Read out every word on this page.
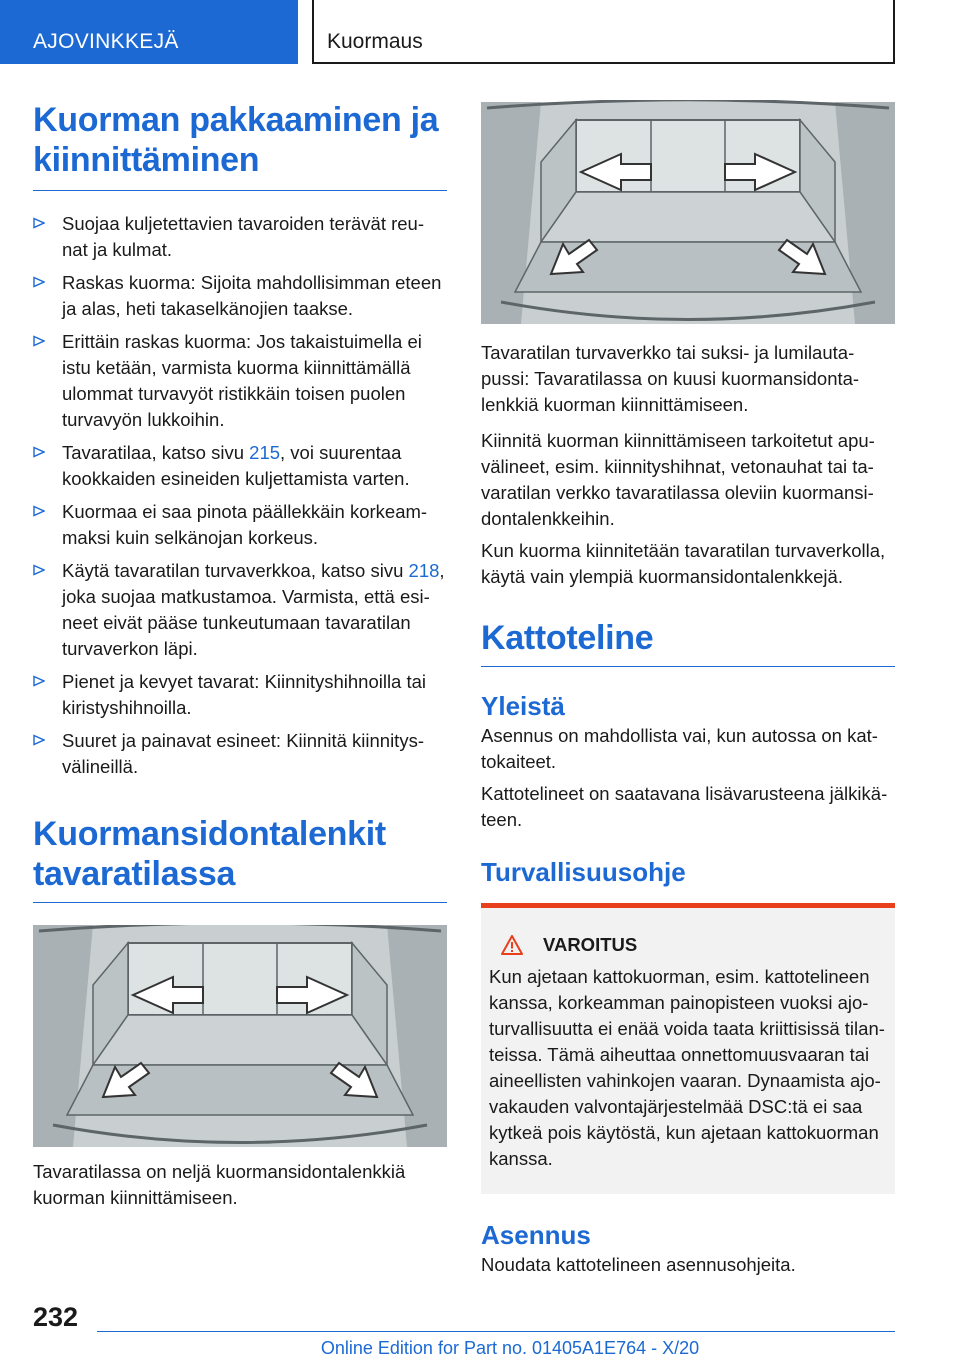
AJOVINKKEJÄ	Kuormaus
Kuorman pakkaaminen ja kiinnittäminen
Suojaa kuljetettavien tavaroiden terävät reu-nat ja kulmat.
Raskas kuorma: Sijoita mahdollisimman eteen ja alas, heti takaselkänojien taakse.
Erittäin raskas kuorma: Jos takaistuimella ei istu ketään, varmista kuorma kiinnittämällä ulommat turvavyöt ristikkäin toisen puolen turvavyön lukkoihin.
Tavaratilaa, katso sivu 215, voi suurentaa kookkaiden esineiden kuljettamista varten.
Kuormaa ei saa pinota päällekkäin korkeam-maksi kuin selkänojan korkeus.
Käytä tavaratilan turvaverkkoa, katso sivu 218, joka suojaa matkustamoa. Varmista, että esi-neet eivät pääse tunkeutumaan tavaratilan turvaverkon läpi.
Pienet ja kevyet tavarat: Kiinnityshihnoilla tai kiristyshihnoilla.
Suuret ja painavat esineet: Kiinnitä kiinnitys-välineillä.
Kuormansidontalenkit tavaratilassa

Tavaratilassa on neljä kuormansidontalenkkiä kuorman kiinnittämiseen.

Tavaratilan turvaverkko tai suksi- ja lumilauta-pussi: Tavaratilassa on kuusi kuormansidonta-lenkkiä kuorman kiinnittämiseen.

Kiinnitä kuorman kiinnittämiseen tarkoitetut apu-välineet, esim. kiinnityshihnat, vetonauhat tai ta-varatilan verkko tavaratilassa oleviin kuormansi-dontalenkkeihin.

Kun kuorma kiinnitetään tavaratilan turvaverkolla, käytä vain ylempiä kuormansidontalenkkejä.

Kattoteline
Yleistä

Asennus on mahdollista vai, kun autossa on kat-tokaiteet.

Kattotelineet on saatavana lisävarusteena jälkikä-teen.

Turvallisuusohje
VAROITUS

Kun ajetaan kattokuorman, esim. kattotelineen kanssa, korkeamman painopisteen vuoksi ajo-turvallisuutta ei enää voida taata kriittisissä tilan-teissa. Tämä aiheuttaa onnettomuusvaaran tai aineellisten vahinkojen vaaran. Dynaamista ajo-vakauden valvontajärjestelmää DSC:tä ei saa kytkeä pois käytöstä, kun ajetaan kattokuorman kanssa.

Asennus

Noudata kattotelineen asennusohjeita.

232
Online Edition for Part no. 01405A1E764 - X/20
